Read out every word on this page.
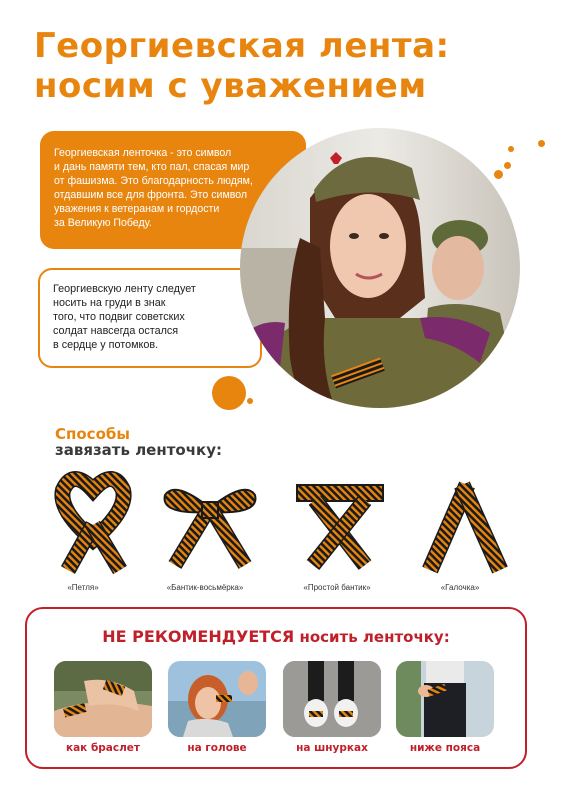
Георгиевская лента:
носим с уважением
Георгиевская ленточка - это символ
и дань памяти тем, кто пал, спасая мир
от фашизма. Это благодарность людям,
отдавшим все для фронта. Это символ
уважения к ветеранам и гордости
за Великую Победу.
Георгиевскую ленту следует
носить на груди в знак
того, что подвиг советских
солдат навсегда остался
в сердце у потомков.
Способы
завязать ленточку:
«Петля»	«Бантик-восьмёрка»	«Простой бантик»	«Галочка»
НЕ РЕКОМЕНДУЕТСЯ носить ленточку:
как браслет	на голове	на шнурках	ниже пояса
